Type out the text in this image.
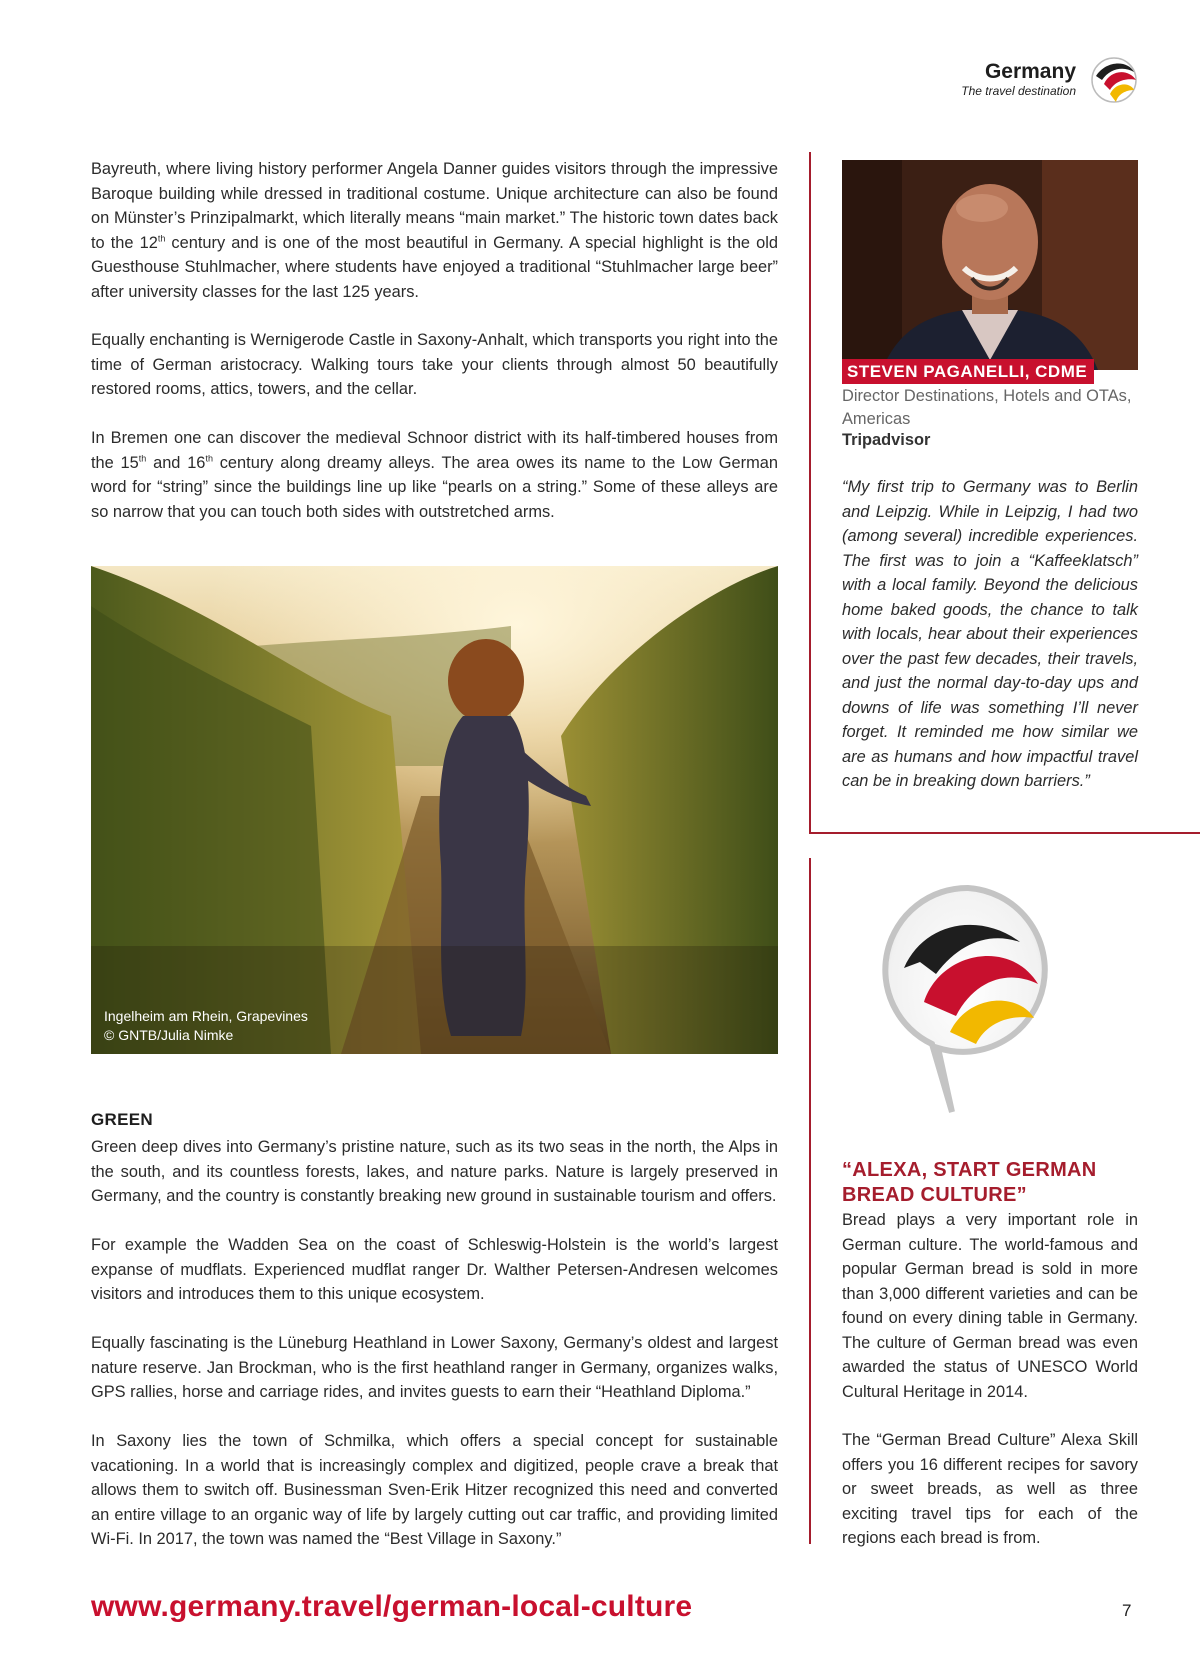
Germany
The travel destination

Bayreuth, where living history performer Angela Danner guides visitors through the impressive Baroque building while dressed in traditional costume. Unique architecture can also be found on Münster’s Prinzipalmarkt, which literally means “main market.” The historic town dates back to the 12th century and is one of the most beautiful in Germany. A special highlight is the old Guesthouse Stuhlmacher, where students have enjoyed a traditional “Stuhlmacher large beer” after university classes for the last 125 years.

Equally enchanting is Wernigerode Castle in Saxony-Anhalt, which transports you right into the time of German aristocracy. Walking tours take your clients through almost 50 beautifully restored rooms, attics, towers, and the cellar.

In Bremen one can discover the medieval Schnoor district with its half-timbered houses from the 15th and 16th century along dreamy alleys. The area owes its name to the Low German word for “string” since the buildings line up like “pearls on a string.” Some of these alleys are so narrow that you can touch both sides with outstretched arms.

Ingelheim am Rhein, Grapevines
© GNTB/Julia Nimke
GREEN

Green deep dives into Germany’s pristine nature, such as its two seas in the north, the Alps in the south, and its countless forests, lakes, and nature parks. Nature is largely preserved in Germany, and the country is constantly breaking new ground in sustainable tourism and offers.

For example the Wadden Sea on the coast of Schleswig-Holstein is the world’s largest expanse of mudflats. Experienced mudflat ranger Dr. Walther Petersen-Andresen welcomes visitors and introduces them to this unique ecosystem.

Equally fascinating is the Lüneburg Heathland in Lower Saxony, Germany’s oldest and largest nature reserve. Jan Brockman, who is the first heathland ranger in Germany, organizes walks, GPS rallies, horse and carriage rides, and invites guests to earn their “Heathland Diploma.”

In Saxony lies the town of Schmilka, which offers a special concept for sustainable vacationing. In a world that is increasingly complex and digitized, people crave a break that allows them to switch off. Businessman Sven-Erik Hitzer recognized this need and converted an entire village to an organic way of life by largely cutting out car traffic, and providing limited Wi-Fi. In 2017, the town was named the “Best Village in Saxony.”

STEVEN PAGANELLI, CDME
Director Destinations, Hotels and OTAs, Americas
Tripadvisor

“My first trip to Germany was to Berlin and Leipzig. While in Leipzig, I had two (among several) incredible experiences. The first was to join a “Kaffeeklatsch” with a local family. Beyond the delicious home baked goods, the chance to talk with locals, hear about their experiences over the past few decades, their travels, and just the normal day-to-day ups and downs of life was something I’ll never forget. It reminded me how similar we are as humans and how impactful travel can be in breaking down barriers.”

“ALEXA, START GERMAN
BREAD CULTURE”

Bread plays a very important role in German culture. The world-famous and popular German bread is sold in more than 3,000 different varieties and can be found on every dining table in Germany. The culture of German bread was even awarded the status of UNESCO World Cultural Heritage in 2014.

The “German Bread Culture” Alexa Skill offers you 16 different recipes for savory or sweet breads, as well as three exciting travel tips for each of the regions each bread is from.

www.germany.travel/german-local-culture	7
